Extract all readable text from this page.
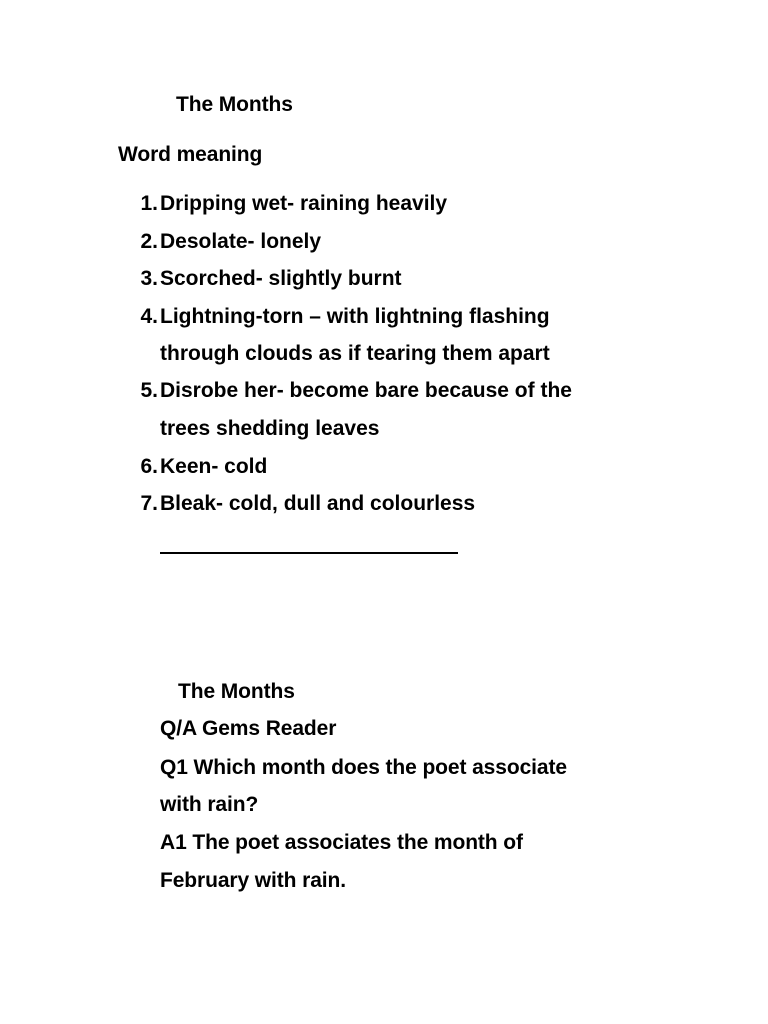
The Months
Word meaning
1. Dripping wet- raining heavily
2. Desolate- lonely
3. Scorched- slightly burnt
4. Lightning-torn – with lightning flashing
through clouds as if tearing them apart
5. Disrobe her- become bare because of the
trees shedding leaves
6. Keen- cold
7. Bleak- cold, dull and colourless
The Months
Q/A Gems Reader
Q1 Which month does the poet associate
with rain?
A1 The poet associates the month of
February with rain.
